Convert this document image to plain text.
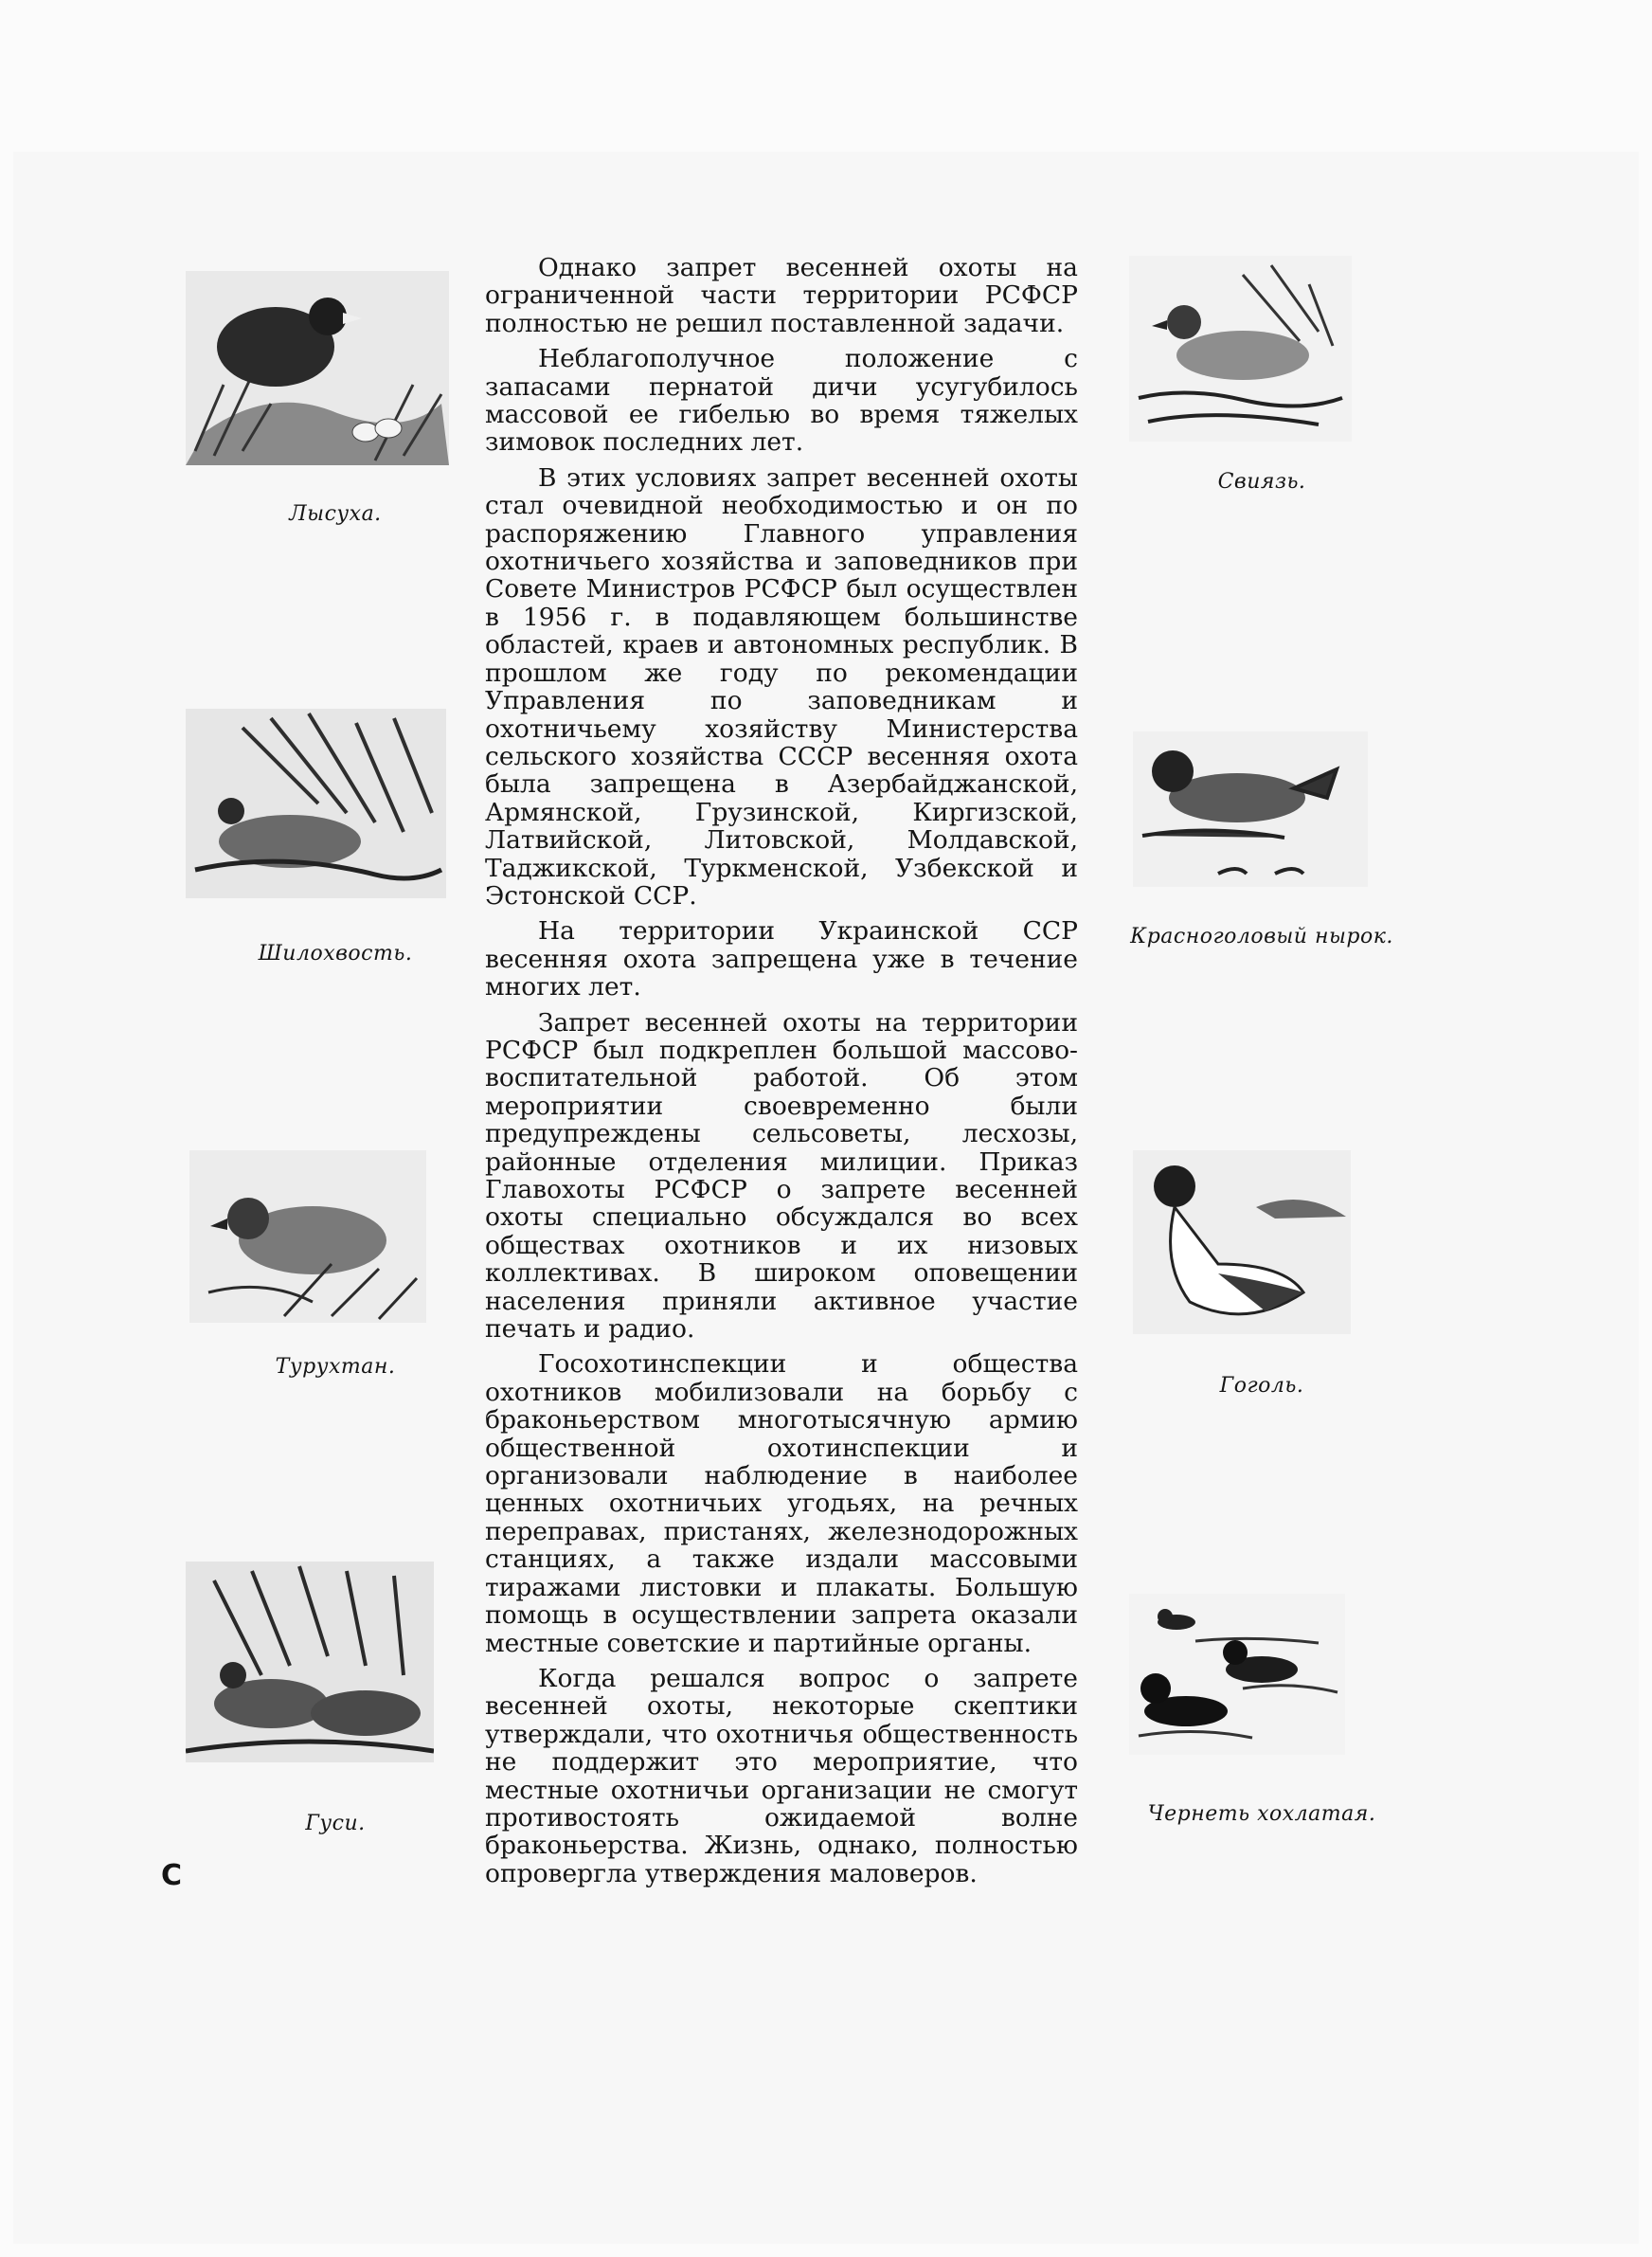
Лысуха.
Шилохвость.
Турухтан.
Гуси.

Однако запрет весенней охоты на ограниченной части территории РСФСР полностью не решил поставленной задачи.

Неблагополучное положение с запасами пернатой дичи усугубилось массовой ее гибелью во время тяжелых зимовок последних лет.

В этих условиях запрет весенней охоты стал очевидной необходимостью и он по распоряжению Главного управления охотничьего хозяйства и заповедников при Совете Министров РСФСР был осуществлен в 1956 г. в подавляющем большинстве областей, краев и автономных республик. В прошлом же году по рекомендации Управления по заповедникам и охотничьему хозяйству Министерства сельского хозяйства СССР весенняя охота была запрещена в Азербайджанской, Армянской, Грузинской, Киргизской, Латвийской, Литовской, Молдавской, Таджикской, Туркменской, Узбекской и Эстонской ССР.

На территории Украинской ССР весенняя охота запрещена уже в течение многих лет.

Запрет весенней охоты на территории РСФСР был подкреплен большой массово-воспитательной работой. Об этом мероприятии своевременно были предупреждены сельсоветы, лесхозы, районные отделения милиции. Приказ Главохоты РСФСР о запрете весенней охоты специально обсуждался во всех обществах охотников и их низовых коллективах. В широком оповещении населения приняли активное участие печать и радио.

Госохотинспекции и общества охотников мобилизовали на борьбу с браконьерством многотысячную армию общественной охотинспекции и организовали наблюдение в наиболее ценных охотничьих угодьях, на речных переправах, пристанях, железнодорожных станциях, а также издали массовыми тиражами листовки и плакаты. Большую помощь в осуществлении запрета оказали местные советские и партийные органы.

Когда решался вопрос о запрете весенней охоты, некоторые скептики утверждали, что охотничья общественность не поддержит это мероприятие, что местные охотничьи организации не смогут противостоять ожидаемой волне браконьерства. Жизнь, однако, полностью опровергла утверждения маловеров.

Свиязь.
Красноголовый нырок.
Гоголь.
Чернеть хохлатая.
C
